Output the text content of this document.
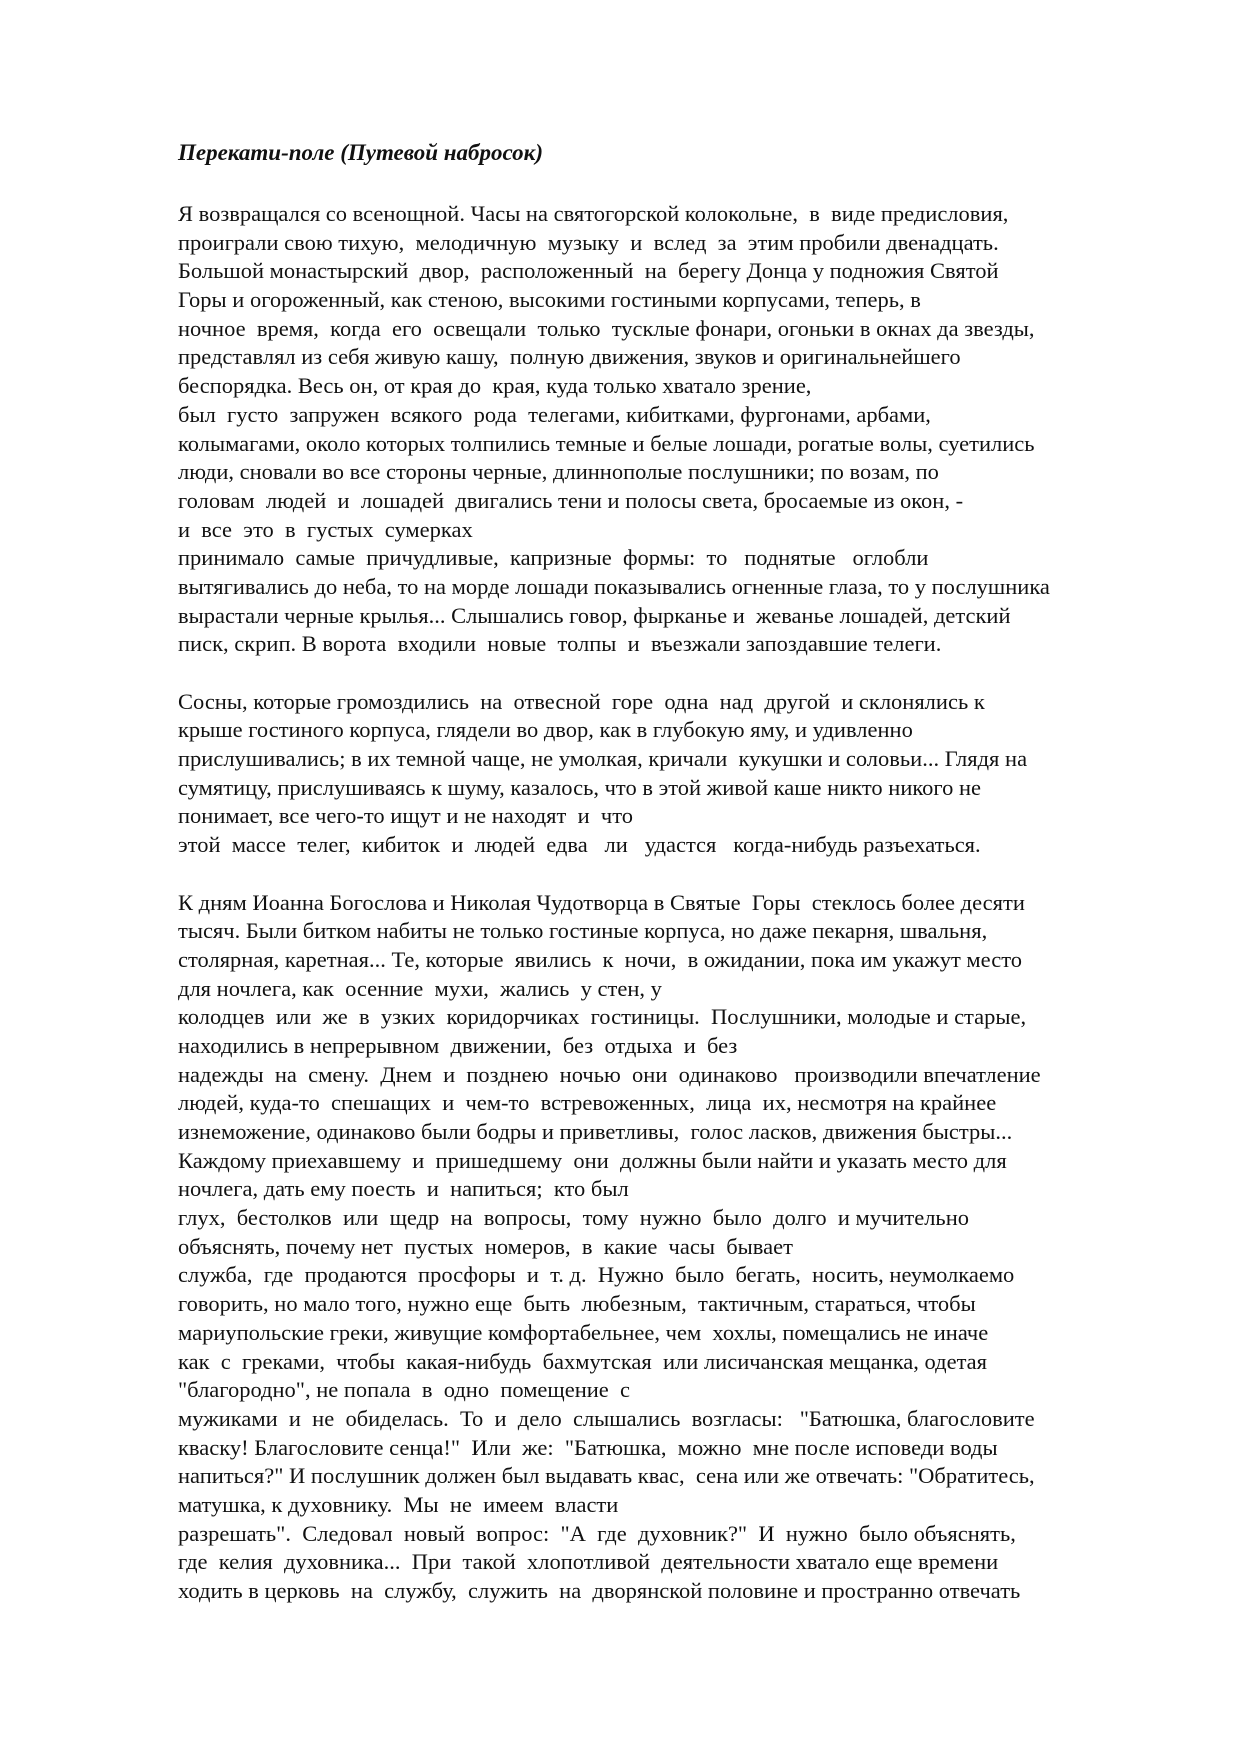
Перекати-поле (Путевой набросок)
Я возвращался со всенощной. Часы на святогорской колокольне,  в  виде предисловия,
проиграли свою тихую,  мелодичную  музыку  и  вслед  за  этим пробили двенадцать.
Большой монастырский  двор,  расположенный  на  берегу Донца у подножия Святой
Горы и огороженный, как стеною, высокими гостиными корпусами, теперь, в
ночное  время,  когда  его  освещали  только  тусклые фонари, огоньки в окнах да звезды,
представлял из себя живую кашу,  полную движения, звуков и оригинальнейшего
беспорядка. Весь он, от края до  края, куда только хватало зрение,
был  густо  запружен  всякого  рода  телегами, кибитками, фургонами, арбами,
колымагами, около которых толпились темные и белые лошади, рогатые волы, суетились
люди, сновали во все стороны черные, длиннополые послушники; по возам, по
головам  людей  и  лошадей  двигались тени и полосы света, бросаемые из окон, -
и  все  это  в  густых  сумерках
принимало  самые  причудливые,  капризные  формы:  то   поднятые   оглобли
вытягивались до неба, то на морде лошади показывались огненные глаза, то у послушника
вырастали черные крылья... Слышались говор, фырканье и  жеванье лошадей, детский
писк, скрип. В ворота  входили  новые  толпы  и  въезжали запоздавшие телеги.
Сосны, которые громоздились  на  отвесной  горе  одна  над  другой  и склонялись к
крыше гостиного корпуса, глядели во двор, как в глубокую яму, и удивленно
прислушивались; в их темной чаще, не умолкая, кричали  кукушки и соловьи... Глядя на
сумятицу, прислушиваясь к шуму, казалось, что в этой живой каше никто никого не
понимает, все чего-то ищут и не находят  и  что
этой  массе  телег,  кибиток  и  людей  едва   ли   удастся   когда-нибудь разъехаться.
К дням Иоанна Богослова и Николая Чудотворца в Святые  Горы  стеклось более десяти
тысяч. Были битком набиты не только гостиные корпуса, но даже пекарня, швальня,
столярная, каретная... Те, которые  явились  к  ночи,  в ожидании, пока им укажут место
для ночлега, как  осенние  мухи,  жались  у стен, у
колодцев  или  же  в  узких  коридорчиках  гостиницы.  Послушники, молодые и старые,
находились в непрерывном  движении,  без  отдыха  и  без
надежды  на  смену.  Днем  и  позднею  ночью  они  одинаково   производили впечатление
людей, куда-то  спешащих  и  чем-то  встревоженных,  лица  их, несмотря на крайнее
изнеможение, одинаково были бодры и приветливы,  голос ласков, движения быстры...
Каждому приехавшему  и  пришедшему  они  должны были найти и указать место для
ночлега, дать ему поесть  и  напиться;  кто был
глух,  бестолков  или  щедр  на  вопросы,  тому  нужно  было  долго  и мучительно
объяснять, почему нет  пустых  номеров,  в  какие  часы  бывает
служба,  где  продаются  просфоры  и  т. д.  Нужно  было  бегать,  носить, неумолкаемо
говорить, но мало того, нужно еще  быть  любезным,  тактичным, стараться, чтобы
мариупольские греки, живущие комфортабельнее, чем  хохлы, помещались не иначе
как  с  греками,  чтобы  какая-нибудь  бахмутская  или лисичанская мещанка, одетая
"благородно", не попала  в  одно  помещение  с
мужиками  и  не  обиделась.  То  и  дело  слышались  возгласы:   "Батюшка, благословите
кваску! Благословите сенца!"  Или  же:  "Батюшка,  можно  мне после исповеди воды
напиться?" И послушник должен был выдавать квас,  сена или же отвечать: "Обратитесь,
матушка, к духовнику.  Мы  не  имеем  власти
разрешать".  Следовал  новый  вопрос:  "А  где  духовник?"  И  нужно  было объяснять,
где  келия  духовника...  При  такой  хлопотливой  деятельности хватало еще времени
ходить в церковь  на  службу,  служить  на  дворянской половине и пространно отвечать
